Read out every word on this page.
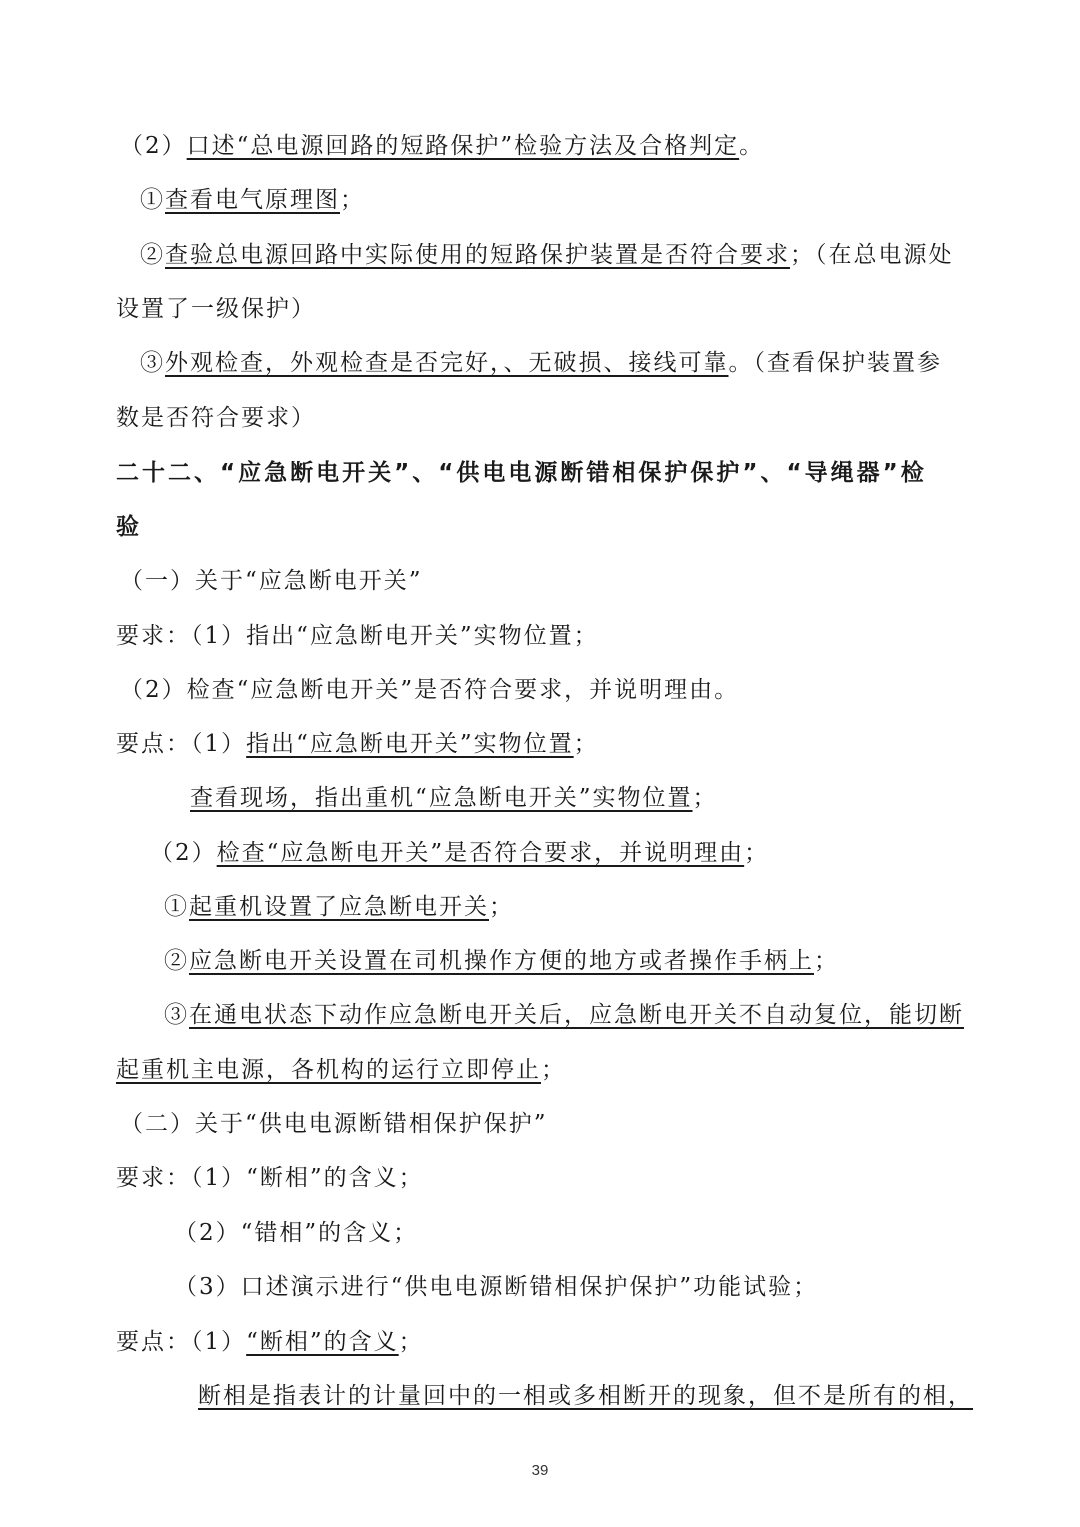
（2）口述“总电源回路的短路保护”检验方法及合格判定。
①查看电气原理图；
②查验总电源回路中实际使用的短路保护装置是否符合要求；（在总电源处
设置了一级保护）
③外观检查，外观检查是否完好，、无破损、接线可靠。（查看保护装置参
数是否符合要求）
二十二、“应急断电开关”、“供电电源断错相保护保护”、“导绳器”检
验
（一）关于“应急断电开关”
要求：（1）指出“应急断电开关”实物位置；
（2）检查“应急断电开关”是否符合要求，并说明理由。
要点：（1）指出“应急断电开关”实物位置；
查看现场，指出重机“应急断电开关”实物位置；
（2）检查“应急断电开关”是否符合要求，并说明理由；
①起重机设置了应急断电开关；
②应急断电开关设置在司机操作方便的地方或者操作手柄上；
③在通电状态下动作应急断电开关后，应急断电开关不自动复位，能切断
起重机主电源，各机构的运行立即停止；
（二）关于“供电电源断错相保护保护”
要求：（1）“断相”的含义；
（2）“错相”的含义；
（3）口述演示进行“供电电源断错相保护保护”功能试验；
要点：（1）“断相”的含义；
断相是指表计的计量回中的一相或多相断开的现象，但不是所有的相，
39
